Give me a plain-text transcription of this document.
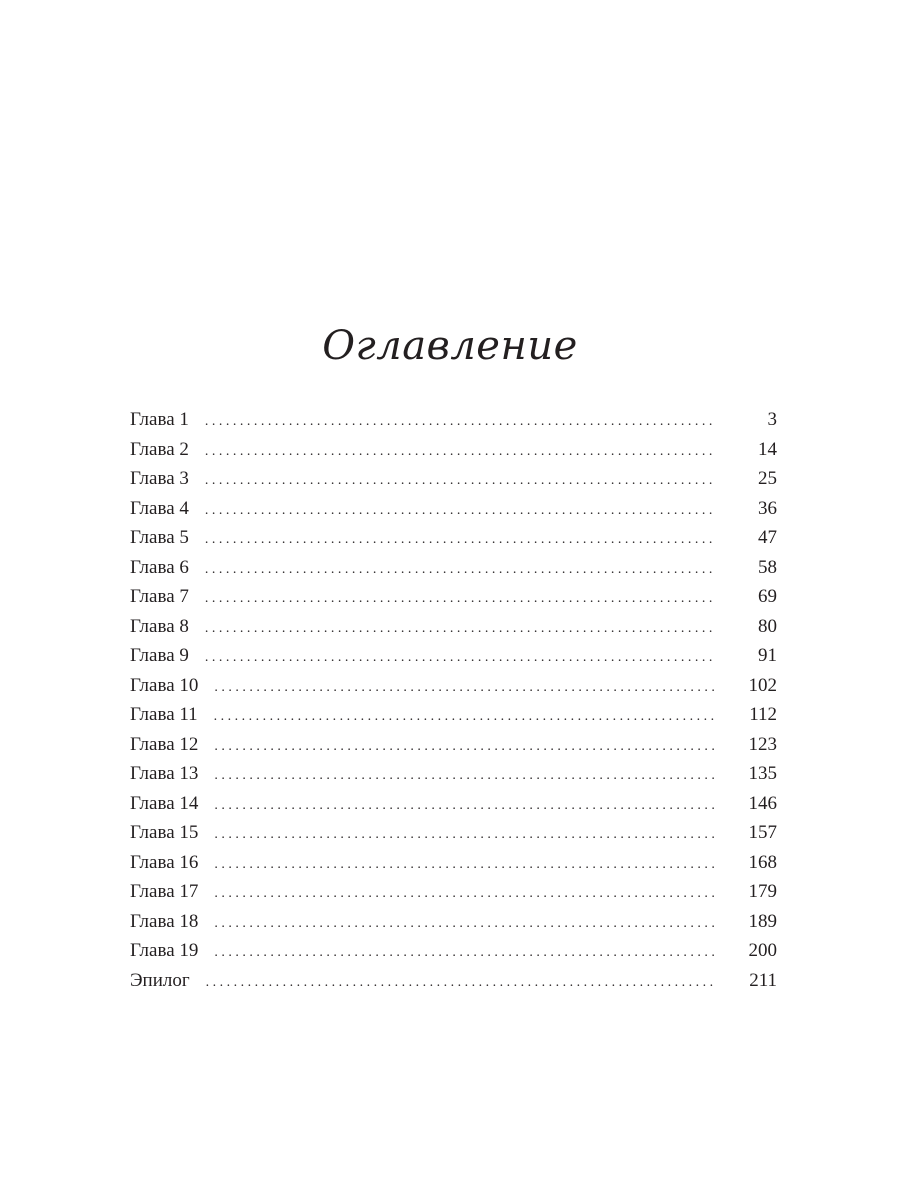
Оглавление
Глава 1 . . .	3
Глава 2 . . .	14
Глава 3 . . .	25
Глава 4 . . .	36
Глава 5 . . .	47
Глава 6 . . .	58
Глава 7 . . .	69
Глава 8 . . .	80
Глава 9 . . .	91
Глава 10 . . .	102
Глава 11 . . .	112
Глава 12 . . .	123
Глава 13 . . .	135
Глава 14 . . .	146
Глава 15 . . .	157
Глава 16 . . .	168
Глава 17 . . .	179
Глава 18 . . .	189
Глава 19 . . .	200
Эпилог . . .	211
